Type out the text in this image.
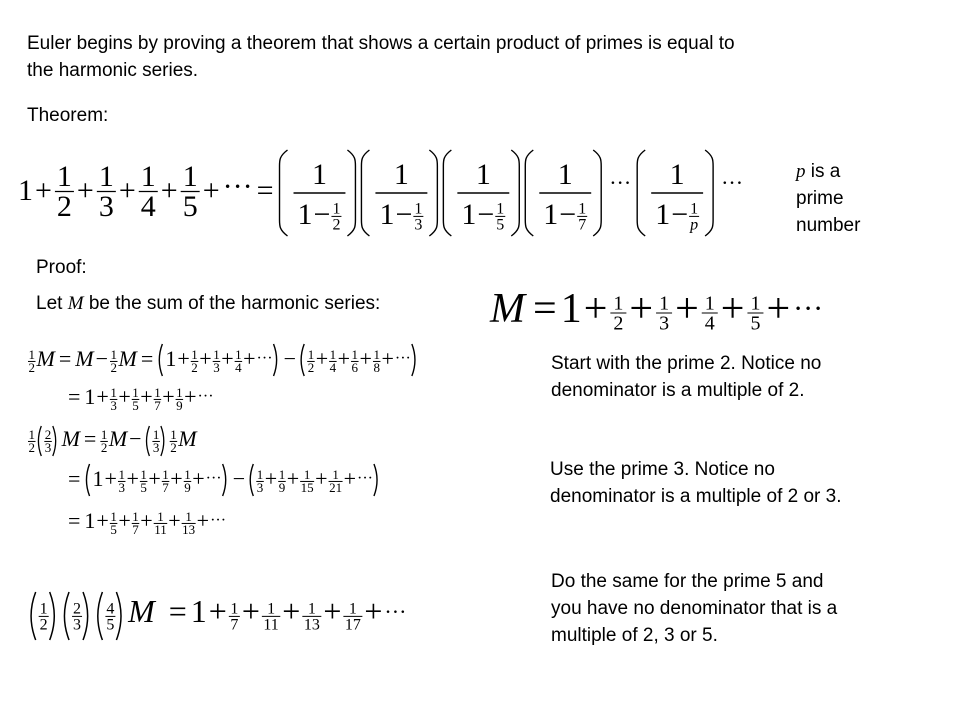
Euler begins by proving a theorem that shows a certain product of primes is equal to
the harmonic series.

Theorem:

1 + 1
2 + 1
3 + 1
4 + 1
5 + ··· =
1 − 1
2
1
1 − 1
3
1
1 − 1
5
1
1 − 1
7
1 ···
1 − 1
p
1 ···	p is a
prime
number

Proof:

Let M be the sum of the harmonic series:	M = 1 + 1
2 + 1
3 + 1
4 + 1
5 + ···
1
2 M = M − 1
2 M = 1 + 1
2 + 1
3 + 1
4 + ··· − 1
2 + 1
4 + 1
6 + 1
8 + ···
= 1 + 1
3 + 1
5 + 1
7 + 1
9 + ···

Start with the prime 2. Notice no
denominator is a multiple of 2.

1
2
2
3 M = 1
2 M − 1
3
1
2 M
= 1 + 1
3 + 1
5 + 1
7 + 1
9 + ··· − 1
3 + 1
9 + 1
15 + 1
21 + ···
= 1 + 1
5 + 1
7 + 1
11 + 1
13 + ···

Use the prime 3. Notice no
denominator is a multiple of 2 or 3.

1
2
2
3
4
5 M = 1 + 1
7 + 1
11 + 1
13 + 1
17 + ···

Do the same for the prime 5 and
you have no denominator that is a
multiple of 2, 3 or 5.
